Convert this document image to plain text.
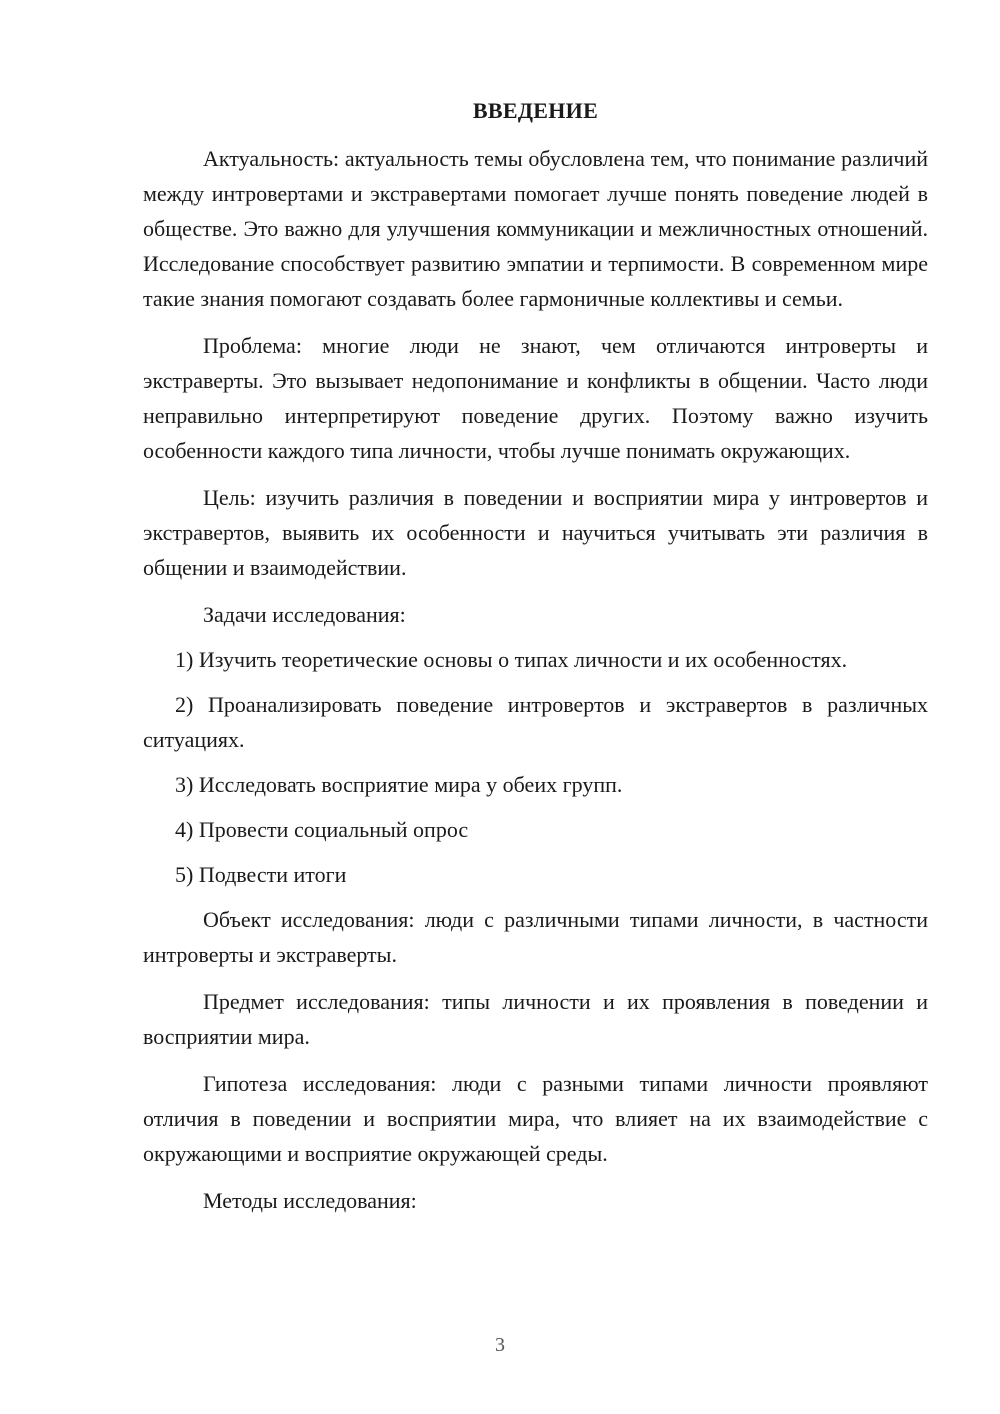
ВВЕДЕНИЕ

Актуальность: актуальность темы обусловлена тем, что понимание различий между интровертами и экстравертами помогает лучше понять поведение людей в обществе. Это важно для улучшения коммуникации и межличностных отношений. Исследование способствует развитию эмпатии и терпимости. В современном мире такие знания помогают создавать более гармоничные коллективы и семьи.

Проблема: многие люди не знают, чем отличаются интроверты и экстраверты. Это вызывает недопонимание и конфликты в общении. Часто люди неправильно интерпретируют поведение других. Поэтому важно изучить особенности каждого типа личности, чтобы лучше понимать окружающих.

Цель: изучить различия в поведении и восприятии мира у интровертов и экстравертов, выявить их особенности и научиться учитывать эти различия в общении и взаимодействии.

Задачи исследования:

1) Изучить теоретические основы о типах личности и их особенностях.

2) Проанализировать поведение интровертов и экстравертов в различных ситуациях.

3) Исследовать восприятие мира у обеих групп.

4) Провести социальный опрос

5) Подвести итоги

Объект исследования: люди с различными типами личности, в частности интроверты и экстраверты.

Предмет исследования: типы личности и их проявления в поведении и восприятии мира.

Гипотеза исследования: люди с разными типами личности проявляют отличия в поведении и восприятии мира, что влияет на их взаимодействие с окружающими и восприятие окружающей среды.

Методы исследования:

3
